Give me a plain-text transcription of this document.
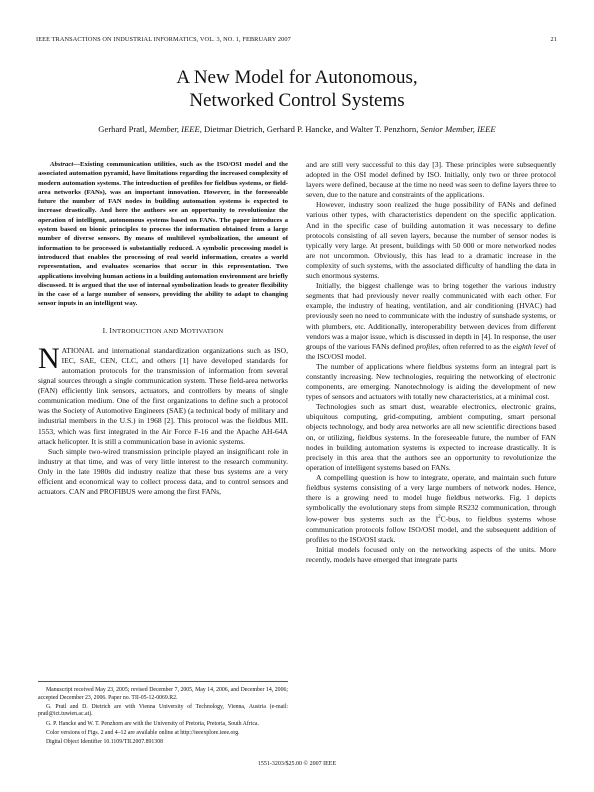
IEEE TRANSACTIONS ON INDUSTRIAL INFORMATICS, VOL. 3, NO. 1, FEBRUARY 2007	21
A New Model for Autonomous,
Networked Control Systems
Gerhard Pratl, Member, IEEE, Dietmar Dietrich, Gerhard P. Hancke, and Walter T. Penzhorn, Senior Member, IEEE

Abstract—Existing communication utilities, such as the ISO/OSI model and the associated automation pyramid, have limitations regarding the increased complexity of modern automation systems. The introduction of profiles for fieldbus systems, or field-area networks (FANs), was an important innovation. However, in the foreseeable future the number of FAN nodes in building automation systems is expected to increase drastically. And here the authors see an opportunity to revolutionize the operation of intelligent, autonomous systems based on FANs. The paper introduces a system based on bionic principles to process the information obtained from a large number of diverse sensors. By means of multilevel symbolization, the amount of information to be processed is substantially reduced. A symbolic processing model is introduced that enables the processing of real world information, creates a world representation, and evaluates scenarios that occur in this representation. Two applications involving human actions in a building automation environment are briefly discussed. It is argued that the use of internal symbolization leads to greater flexibility in the case of a large number of sensors, providing the ability to adapt to changing sensor inputs in an intelligent way.

I. INTRODUCTION AND MOTIVATION

NATIONAL and international standardization organizations such as ISO, IEC, SAE, CEN, CLC, and others [1] have developed standards for automation protocols for the transmission of information from several signal sources through a single communication system. These field-area networks (FAN) efficiently link sensors, actuators, and controllers by means of single communication medium. One of the first organizations to define such a protocol was the Society of Automotive Engineers (SAE) (a technical body of military and industrial members in the U.S.) in 1968 [2]. This protocol was the fieldbus MIL 1553, which was first integrated in the Air Force F-16 and the Apache AH-64A attack helicopter. It is still a communication base in avionic systems.

Such simple two-wired transmission principle played an insignificant role in industry at that time, and was of very little interest to the research community. Only in the late 1980s did industry realize that these bus systems are a very efficient and economical way to collect process data, and to control sensors and actuators. CAN and PROFIBUS were among the first FANs,

Manuscript received May 23, 2005; revised December 7, 2005, May 14, 2006, and December 14, 2006; accepted December 23, 2006. Paper no. TII-05-12-0069.R2.

G. Pratl and D. Dietrich are with Vienna University of Technology, Vienna, Austria (e-mail: pratl@ict.tuwien.ac.at).

G. P. Hancke and W. T. Penzhorn are with the University of Pretoria, Pretoria, South Africa.

Color versions of Figs. 2 and 4–12 are available online at http://ieeexplore.ieee.org.

Digital Object Identifier 10.1109/TII.2007.891308

and are still very successful to this day [3]. These principles were subsequently adopted in the OSI model defined by ISO. Initially, only two or three protocol layers were defined, because at the time no need was seen to define layers three to seven, due to the nature and constraints of the applications.

However, industry soon realized the huge possibility of FANs and defined various other types, with characteristics dependent on the specific application. And in the specific case of building automation it was necessary to define protocols consisting of all seven layers, because the number of sensor nodes is typically very large. At present, buildings with 50 000 or more networked nodes are not uncommon. Obviously, this has lead to a dramatic increase in the complexity of such systems, with the associated difficulty of handling the data in such enormous systems.

Initially, the biggest challenge was to bring together the various industry segments that had previously never really communicated with each other. For example, the industry of heating, ventilation, and air conditioning (HVAC) had previously seen no need to communicate with the industry of sunshade systems, or with plumbers, etc. Additionally, interoperability between devices from different vendors was a major issue, which is discussed in depth in [4]. In response, the user groups of the various FANs defined profiles, often referred to as the eighth level of the ISO/OSI model.

The number of applications where fieldbus systems form an integral part is constantly increasing. New technologies, requiring the networking of electronic components, are emerging. Nanotechnology is aiding the development of new types of sensors and actuators with totally new characteristics, at a minimal cost.

Technologies such as smart dust, wearable electronics, electronic grains, ubiquitous computing, grid-computing, ambient computing, smart personal objects technology, and body area networks are all new scientific directions based on, or utilizing, fieldbus systems. In the foreseeable future, the number of FAN nodes in building automation systems is expected to increase drastically. It is precisely in this area that the authors see an opportunity to revolutionize the operation of intelligent systems based on FANs.

A compelling question is how to integrate, operate, and maintain such future fieldbus systems consisting of a very large numbers of network nodes. Hence, there is a growing need to model huge fieldbus networks. Fig. 1 depicts symbolically the evolutionary steps from simple RS232 communication, through low-power bus systems such as the $I^2C$-bus, to fieldbus systems whose communication protocols follow ISO/OSI model, and the subsequent addition of profiles to the ISO/OSI stack.

Initial models focused only on the networking aspects of the units. More recently, models have emerged that integrate parts

1551-3203/$25.00 © 2007 IEEE
